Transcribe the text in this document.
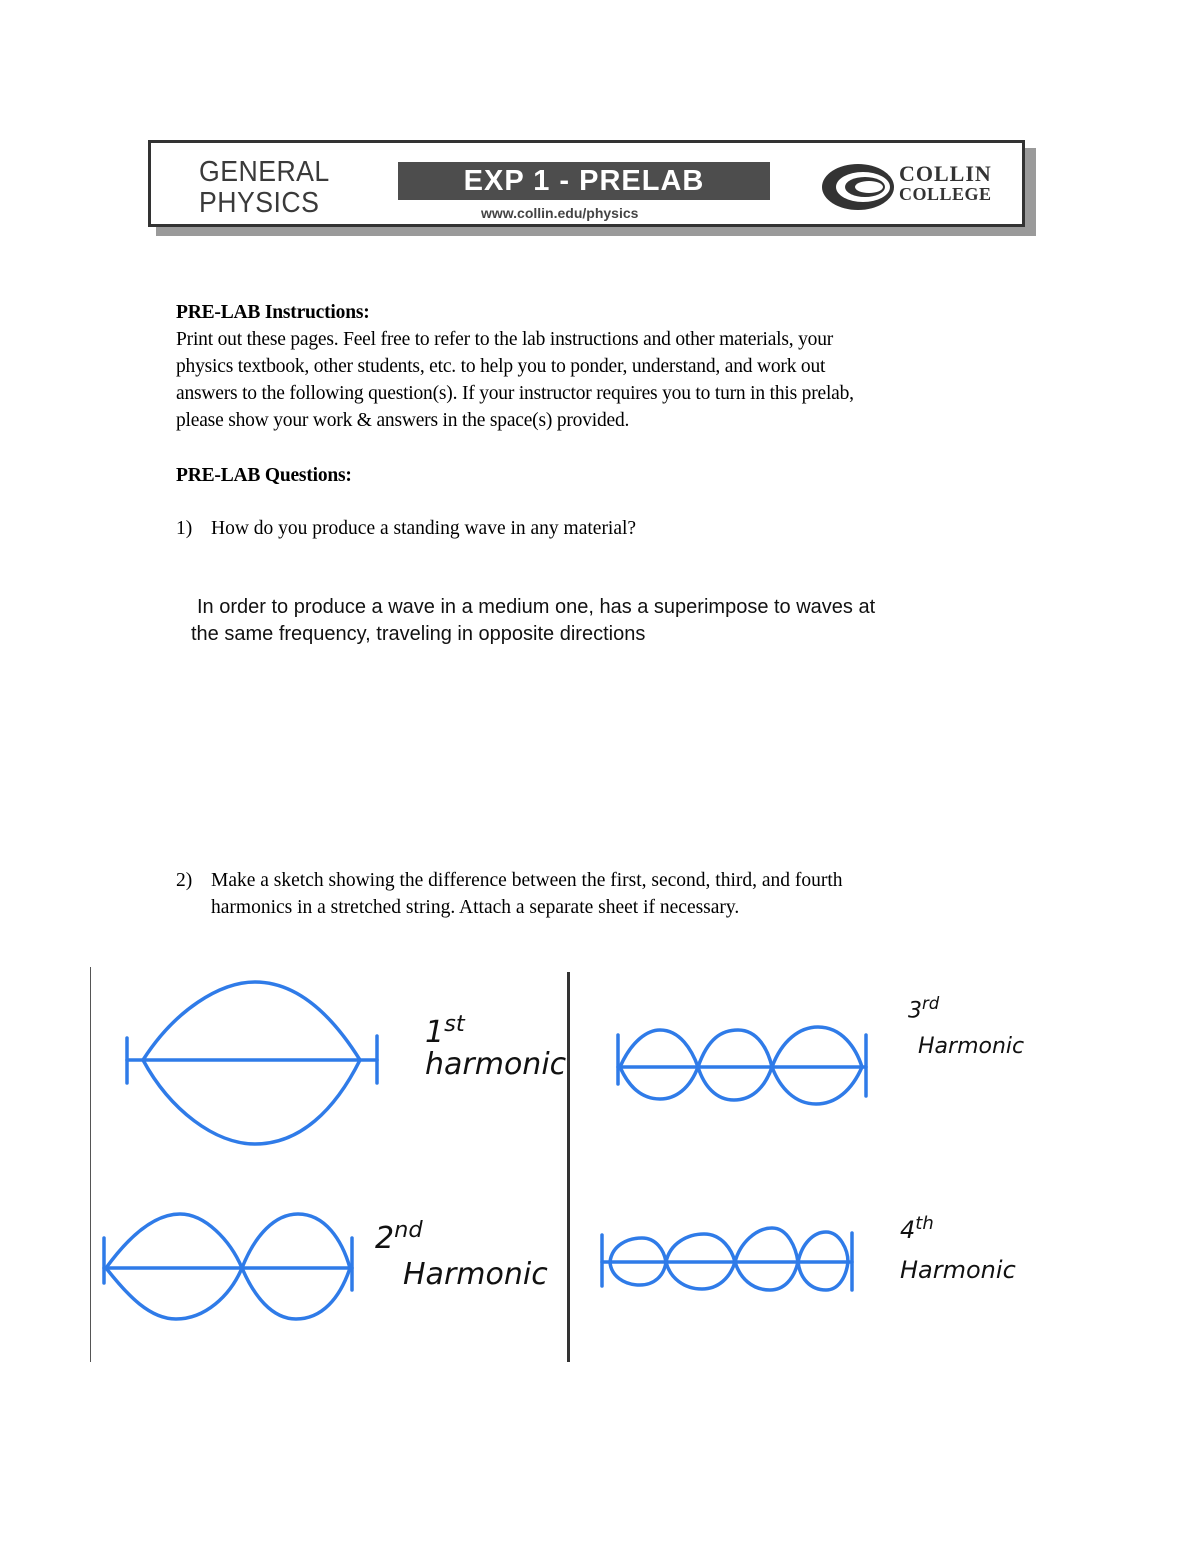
GENERAL
PHYSICS
EXP 1 - PRELAB
www.collin.edu/physics
COLLIN
COLLEGE
PRE-LAB Instructions:
Print out these pages. Feel free to refer to the lab instructions and other materials, your
physics textbook, other students, etc. to help you to ponder, understand, and work out
answers to the following question(s). If your instructor requires you to turn in this prelab,
please show your work & answers in the space(s) provided.
PRE-LAB Questions:
1) How do you produce a standing wave in any material?
In order to produce a wave in a medium one, has a superimpose to waves at
the same frequency, traveling in opposite directions
2) Make a sketch showing the difference between the first, second, third, and fourth
harmonics in a stretched string. Attach a separate sheet if necessary.
1st
harmonic
2nd
Harmonic
3rd
Harmonic
4th
Harmonic
